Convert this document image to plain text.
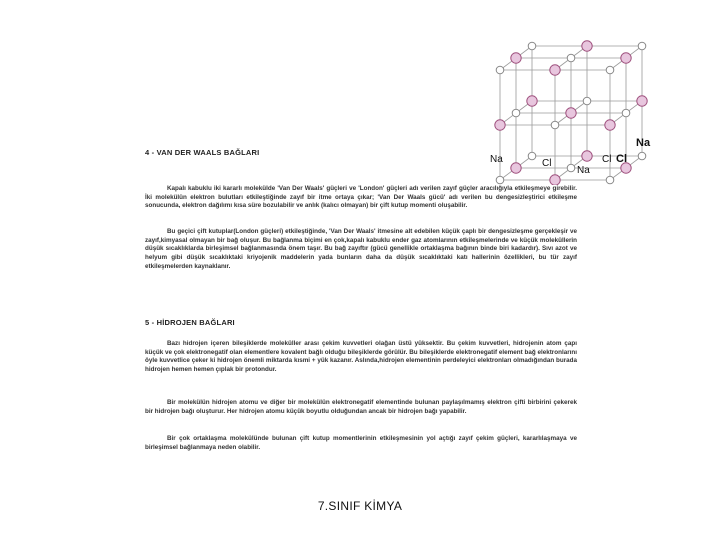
Na	Cl
Na
Cl
Na
Cl
4 - VAN DER WAALS BAĞLARI

Kapalı kabuklu iki kararlı molekülde 'Van Der Waals' güçleri ve 'London' güçleri adı verilen zayıf güçler aracılığıyla etkileşmeye girebilir. İki molekülün elektron bulutları etkileştiğinde zayıf bir itme ortaya çıkar; 'Van Der Waals gücü' adı verilen bu dengesizleştirici etkileşme sonucunda, elektron dağılımı kısa süre bozulabilir ve anlık (kalıcı olmayan) bir çift kutup momenti oluşabilir.

Bu geçici çift kutuplar(London güçleri) etkileştiğinde, 'Van Der Waals' itmesine alt edebilen küçük çaplı bir dengesizleşme gerçekleşir ve zayıf,kimyasal olmayan bir bağ oluşur. Bu bağlanma biçimi en çok,kapalı kabuklu ender gaz atomlarının etkileşmelerinde ve küçük moleküllerin düşük sıcaklıklarda birleşimsel bağlanmasında önem taşır. Bu bağ zayıftır (gücü genellikle ortaklaşma bağının binde biri kadardır). Sıvı azot ve helyum gibi düşük sıcaklıktaki kriyojenik maddelerin yada bunların daha da düşük sıcaklıktaki katı hallerinin özellikleri, bu tür zayıf etkileşmelerden kaynaklanır.

5 - HİDROJEN BAĞLARI

Bazı hidrojen içeren bileşiklerde moleküller arası çekim kuvvetleri olağan üstü yüksektir. Bu çekim kuvvetleri, hidrojenin atom çapı küçük ve çok elektronegatif olan elementlere kovalent bağlı olduğu bileşiklerde görülür. Bu bileşiklerde elektronegatif element bağ elektronlarını öyle kuvvetlice çeker ki hidrojen önemli miktarda kısmi + yük kazanır. Aslında,hidrojen elementinin perdeleyici elektronları olmadığından burada hidrojen hemen hemen çıplak bir protondur.

Bir molekülün hidrojen atomu ve diğer bir molekülün elektronegatif elementinde bulunan paylaşılmamış elektron çifti birbirini çekerek bir hidrojen bağı oluşturur. Her hidrojen atomu küçük boyutlu olduğundan ancak bir hidrojen bağı yapabilir.

Bir çok ortaklaşma molekülünde bulunan çift kutup momentlerinin etkileşmesinin yol açtığı zayıf çekim güçleri, kararlılaşmaya ve birleşimsel bağlanmaya neden olabilir.

7.SINIF KİMYA
